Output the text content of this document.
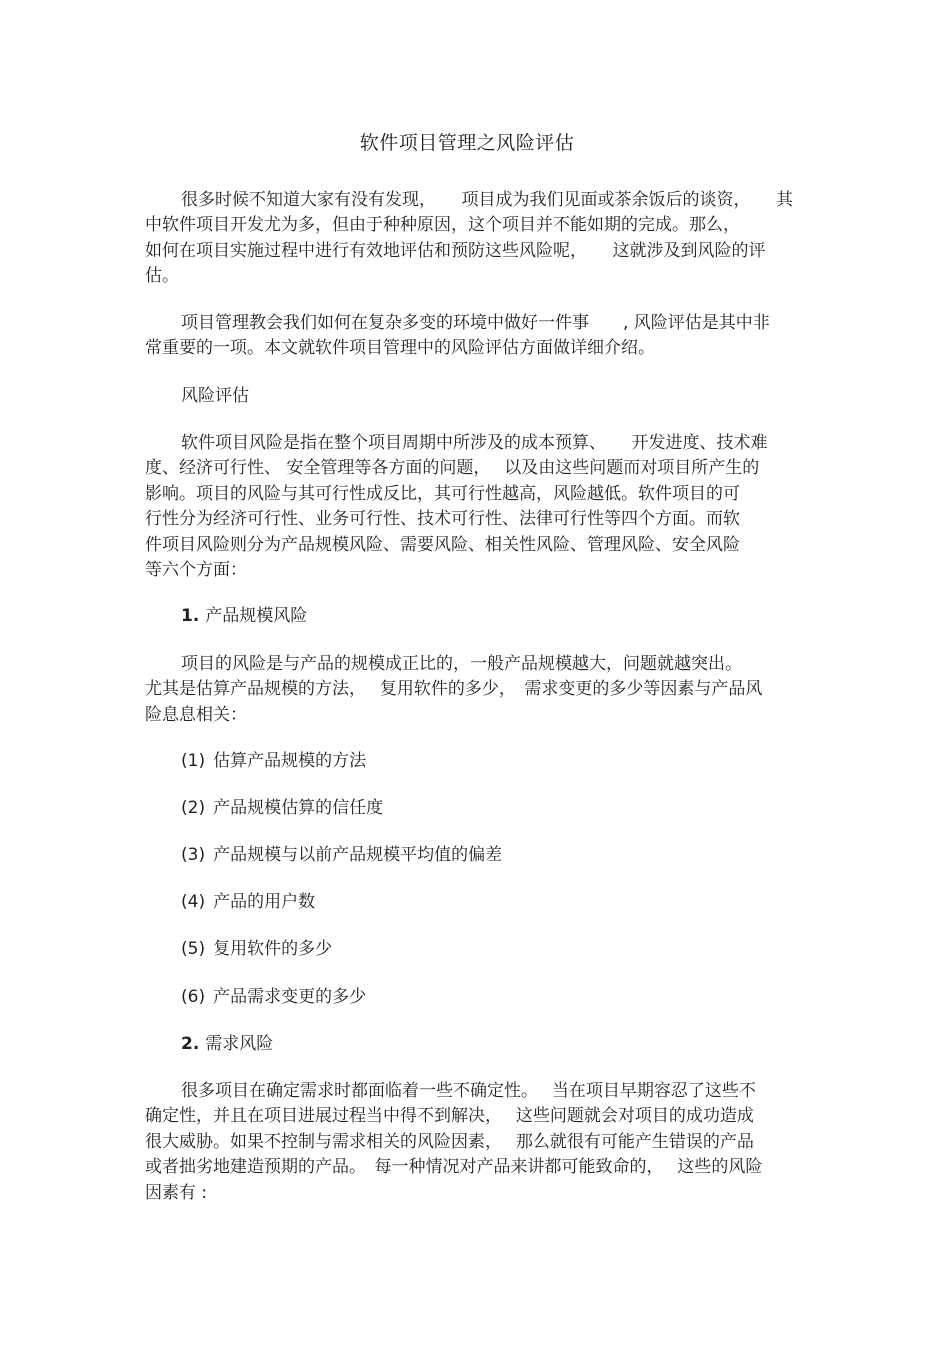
软件项目管理之风险评估

很多时候不知道大家有没有发现，　　项目成为我们见面或茶余饭后的谈资，　　其
中软件项目开发尤为多，但由于种种原因，这个项目并不能如期的完成。那么，
如何在项目实施过程中进行有效地评估和预防这些风险呢，　　这就涉及到风险的评
估。

项目管理教会我们如何在复杂多变的环境中做好一件事　　, 风险评估是其中非
常重要的一项。本文就软件项目管理中的风险评估方面做详细介绍。

风险评估

软件项目风险是指在整个项目周期中所涉及的成本预算、　　开发进度、技术难
度、经济可行性、 安全管理等各方面的问题，　 以及由这些问题而对项目所产生的
影响。项目的风险与其可行性成反比，其可行性越高，风险越低。软件项目的可
行性分为经济可行性、业务可行性、技术可行性、法律可行性等四个方面。而软
件项目风险则分为产品规模风险、需要风险、相关性风险、管理风险、安全风险
等六个方面：

1. 产品规模风险

项目的风险是与产品的规模成正比的，一般产品规模越大，问题就越突出。
尤其是估算产品规模的方法，　 复用软件的多少，　需求变更的多少等因素与产品风
险息息相关：

(1) 估算产品规模的方法
(2) 产品规模估算的信任度
(3) 产品规模与以前产品规模平均值的偏差
(4) 产品的用户数
(5) 复用软件的多少
(6) 产品需求变更的多少
2. 需求风险

很多项目在确定需求时都面临着一些不确定性。　 当在项目早期容忍了这些不
确定性，并且在项目进展过程当中得不到解决，　 这些问题就会对项目的成功造成
很大威胁。如果不控制与需求相关的风险因素，　 那么就很有可能产生错误的产品
或者拙劣地建造预期的产品。　每一种情况对产品来讲都可能致命的，　 这些的风险
因素有 :
